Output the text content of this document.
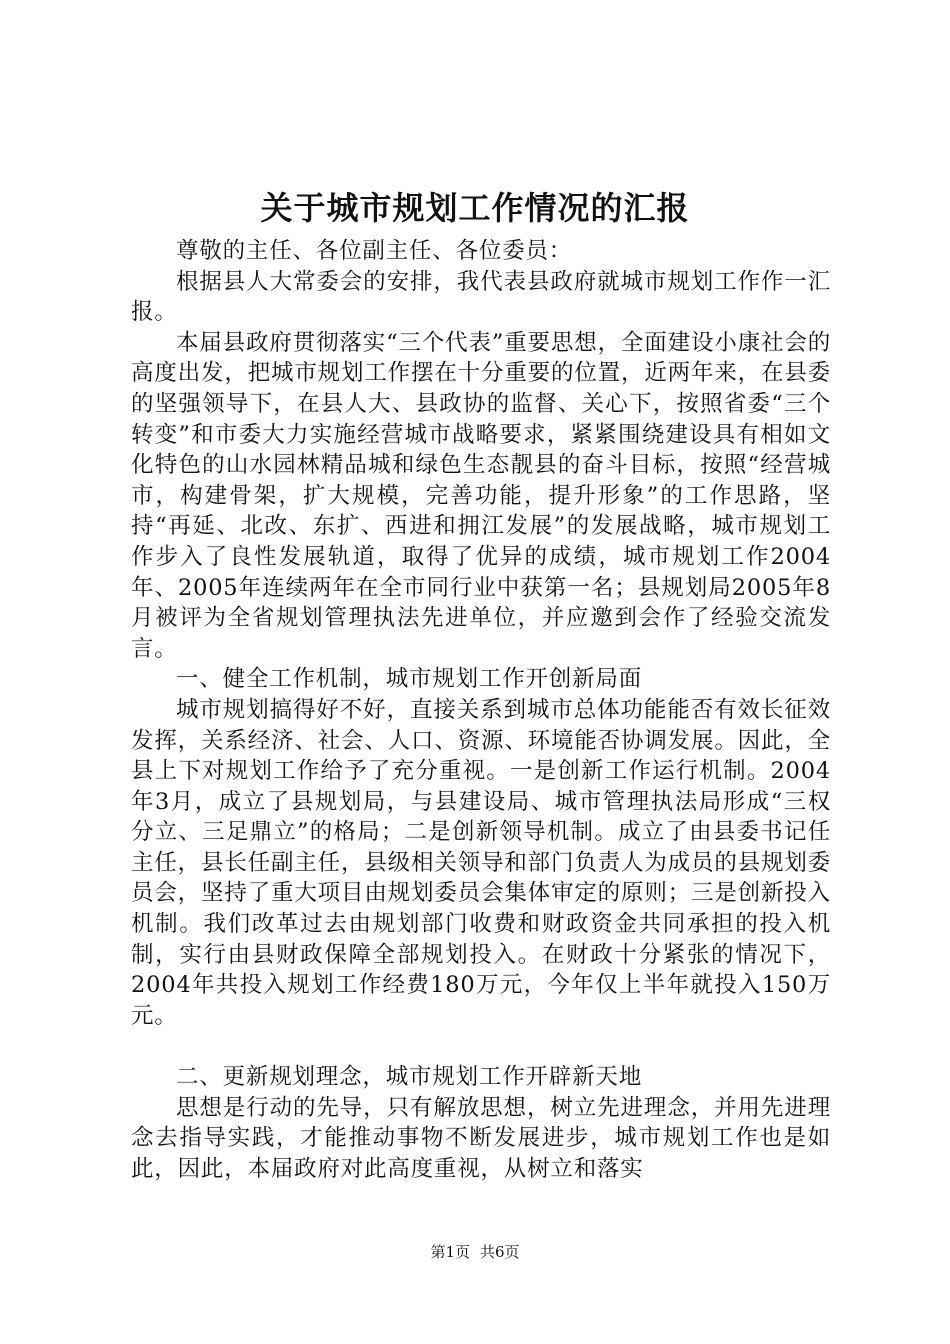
关于城市规划工作情况的汇报

尊敬的主任、各位副主任、各位委员：

根据县人大常委会的安排，我代表县政府就城市规划工作作一汇报。

本届县政府贯彻落实“三个代表”重要思想，全面建设小康社会的高度出发，把城市规划工作摆在十分重要的位置，近两年来，在县委的坚强领导下，在县人大、县政协的监督、关心下，按照省委“三个转变”和市委大力实施经营城市战略要求，紧紧围绕建设具有相如文化特色的山水园林精品城和绿色生态靓县的奋斗目标，按照“经营城市，构建骨架，扩大规模，完善功能，提升形象”的工作思路，坚持“再延、北改、东扩、西进和拥江发展”的发展战略，城市规划工作步入了良性发展轨道，取得了优异的成绩，城市规划工作2004年、2005年连续两年在全市同行业中获第一名；县规划局2005年8月被评为全省规划管理执法先进单位，并应邀到会作了经验交流发言。

一、健全工作机制，城市规划工作开创新局面

城市规划搞得好不好，直接关系到城市总体功能能否有效长征效发挥，关系经济、社会、人口、资源、环境能否协调发展。因此，全县上下对规划工作给予了充分重视。一是创新工作运行机制。2004年3月，成立了县规划局，与县建设局、城市管理执法局形成“三权分立、三足鼎立”的格局；二是创新领导机制。成立了由县委书记任主任，县长任副主任，县级相关领导和部门负责人为成员的县规划委员会，坚持了重大项目由规划委员会集体审定的原则；三是创新投入机制。我们改革过去由规划部门收费和财政资金共同承担的投入机制，实行由县财政保障全部规划投入。在财政十分紧张的情况下，2004年共投入规划工作经费180万元，今年仅上半年就投入150万元。

二、更新规划理念，城市规划工作开辟新天地

思想是行动的先导，只有解放思想，树立先进理念，并用先进理念去指导实践，才能推动事物不断发展进步，城市规划工作也是如此，因此，本届政府对此高度重视，从树立和落实

第1页 共6页
